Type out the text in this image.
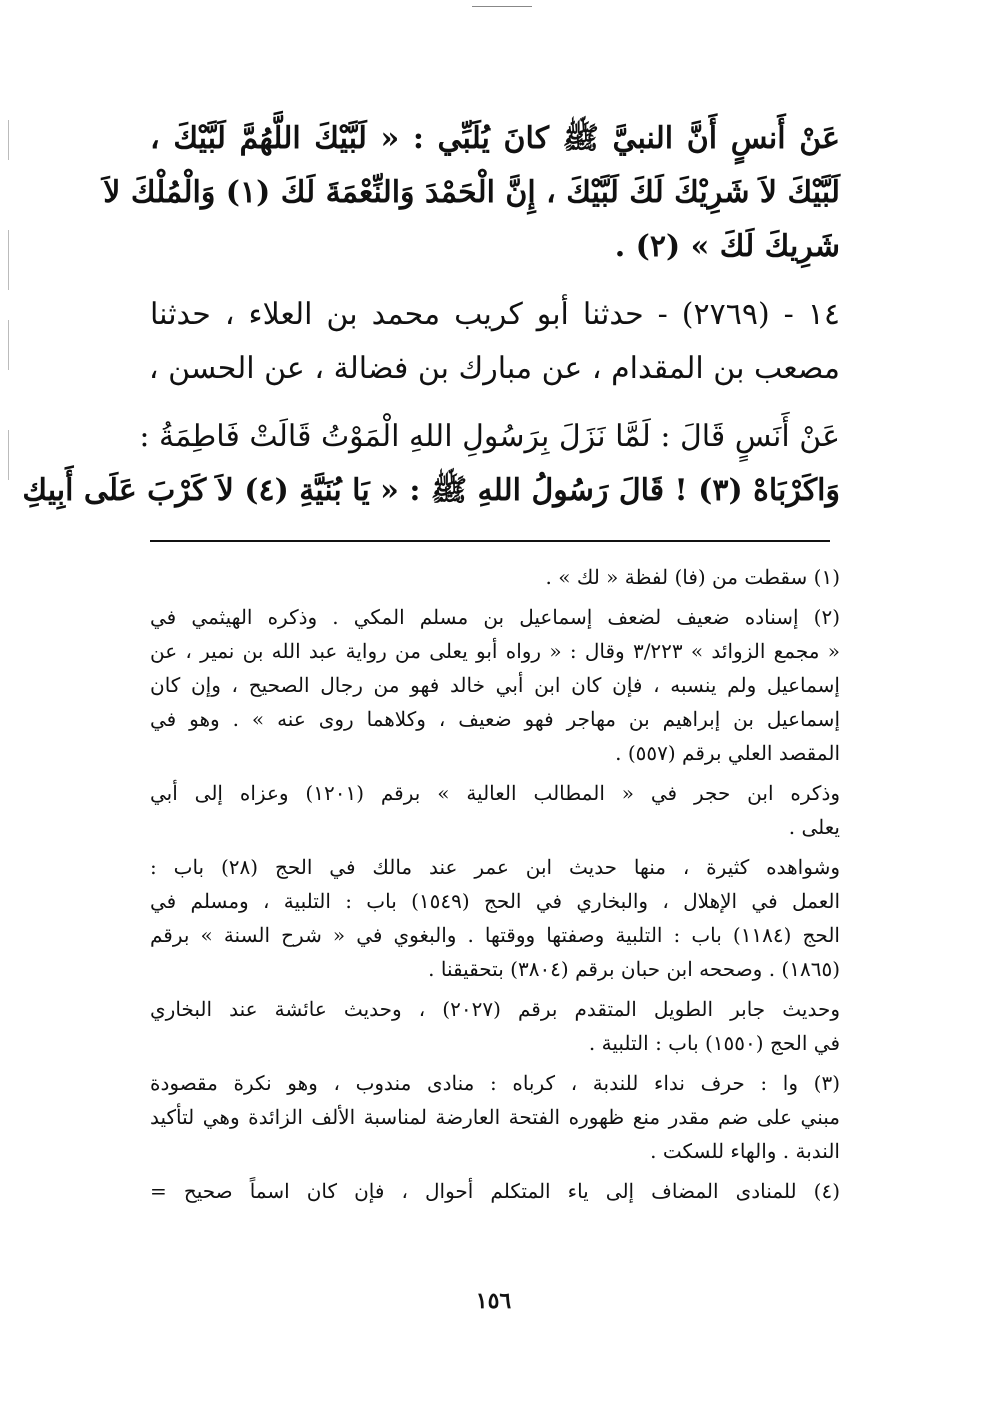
عَنْ أَنسٍ أَنَّ النبيَّ ﷺ كانَ يُلَبِّي : « لَبَّيْكَ اللَّهُمَّ لَبَّيْكَ ،
لَبَّيْكَ لاَ شَرِيْكَ لَكَ لَبَّيْكَ ، إِنَّ الْحَمْدَ وَالنِّعْمَةَ لَكَ (١) وَالْمُلْكَ لاَ
شَرِيكَ لَكَ » (٢) .
١٤ - (٢٧٦٩) - حدثنا أبو كريب محمد بن العلاء ، حدثنا
مصعب بن المقدام ، عن مبارك بن فضالة ، عن الحسن ،
عَنْ أَنَسٍ قَالَ : لَمَّا نَزَلَ بِرَسُولِ اللهِ الْمَوْتُ قَالَتْ فَاطِمَةُ :
وَاكَرْبَاهْ (٣) ! قَالَ رَسُولُ اللهِ ﷺ : « يَا بُنَيَّةِ (٤) لاَ كَرْبَ عَلَى أَبِيكِ
(١) سقطت من (فا) لفظة « لك » .
(٢) إسناده ضعيف لضعف إسماعيل بن مسلم المكي . وذكره الهيثمي في
« مجمع الزوائد » ٣/٢٢٣ وقال : « رواه أبو يعلى من رواية عبد الله بن نمير ، عن
إسماعيل ولم ينسبه ، فإن كان ابن أبي خالد فهو من رجال الصحيح ، وإن كان
إسماعيل بن إبراهيم بن مهاجر فهو ضعيف ، وكلاهما روى عنه » . وهو في
المقصد العلي برقم (٥٥٧) .
وذكره ابن حجر في « المطالب العالية » برقم (١٢٠١) وعزاه إلى أبي
يعلى .
وشواهده كثيرة ، منها حديث ابن عمر عند مالك في الحج (٢٨) باب :
العمل في الإهلال ، والبخاري في الحج (١٥٤٩) باب : التلبية ، ومسلم في
الحج (١١٨٤) باب : التلبية وصفتها ووقتها . والبغوي في « شرح السنة » برقم
(١٨٦٥) . وصححه ابن حبان برقم (٣٨٠٤) بتحقيقنا .
وحديث جابر الطويل المتقدم برقم (٢٠٢٧) ، وحديث عائشة عند البخاري
في الحج (١٥٥٠) باب : التلبية .
(٣) وا : حرف نداء للندبة ، كرباه : منادى مندوب ، وهو نكرة مقصودة
مبني على ضم مقدر منع ظهوره الفتحة العارضة لمناسبة الألف الزائدة وهي لتأكيد
الندبة . والهاء للسكت .
(٤) للمنادى المضاف إلى ياء المتكلم أحوال ، فإن كان اسماً صحيح =
١٥٦
